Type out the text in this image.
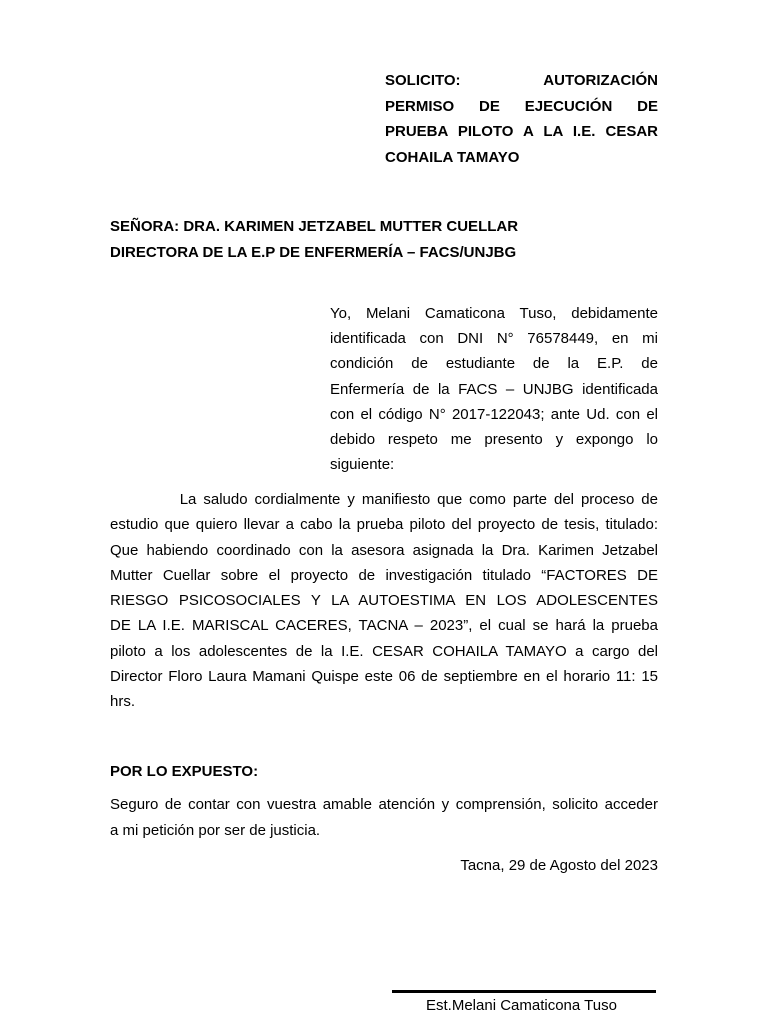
SOLICITO: AUTORIZACIÓN
PERMISO DE EJECUCIÓN DE
PRUEBA PILOTO A LA I.E. CESAR
COHAILA TAMAYO
SEÑORA: DRA. KARIMEN JETZABEL MUTTER CUELLAR
DIRECTORA DE LA E.P DE ENFERMERÍA – FACS/UNJBG
Yo, Melani Camaticona Tuso, debidamente
identificada con DNI N° 76578449, en mi
condición de estudiante de la E.P. de
Enfermería de la FACS – UNJBG identificada
con el código N° 2017-122043; ante Ud. con el
debido respeto me presento y expongo lo
siguiente:
La saludo cordialmente y manifiesto que como parte del proceso de
estudio que quiero llevar a cabo la prueba piloto del proyecto de tesis, titulado:
Que habiendo coordinado con la asesora asignada la Dra. Karimen Jetzabel
Mutter Cuellar sobre el proyecto de investigación titulado “FACTORES DE
RIESGO PSICOSOCIALES Y LA AUTOESTIMA EN LOS ADOLESCENTES
DE LA I.E. MARISCAL CACERES, TACNA – 2023”, el cual se hará la prueba
piloto a los adolescentes de la I.E. CESAR COHAILA TAMAYO a cargo del
Director Floro Laura Mamani Quispe este 06 de septiembre en el horario 11: 15
hrs.
POR LO EXPUESTO:
Seguro de contar con vuestra amable atención y comprensión, solicito acceder
a mi petición por ser de justicia.
Tacna, 29 de Agosto del 2023
Est.Melani Camaticona Tuso
